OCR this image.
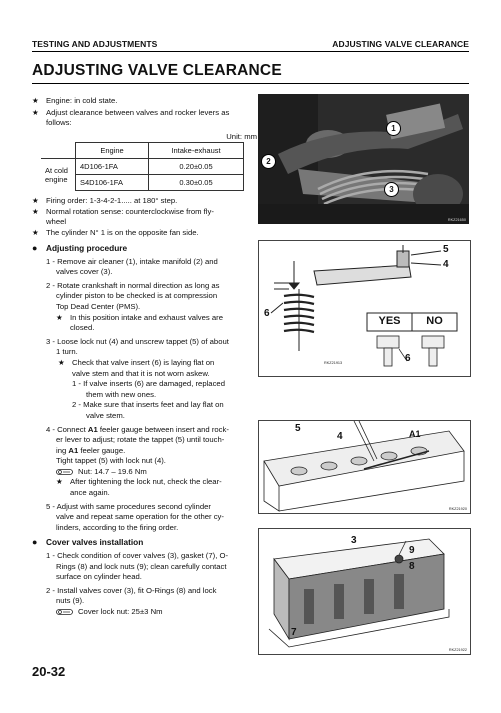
TESTING AND ADJUSTMENTS	ADJUSTING VALVE CLEARANCE
ADJUSTING VALVE CLEARANCE
★ Engine: in cold state.
★ Adjust clearance between valves and rocker levers as
follows:
Unit: mm
	Engine	Intake-exhaust

At cold
engine	4D106-1FA	0.20±0.05
	S4D106-1FA	0.30±0.05
★ Firing order: 1-3-4-2-1..... at 180° step.
★ Normal rotation sense: counterclockwise from fly-
wheel
★ The cylinder N° 1 is on the opposite fan side.
● Adjusting procedure
1 - Remove air cleaner (1), intake manifold (2) and
valves cover (3).
2 - Rotate crankshaft in normal direction as long as
cylinder piston to be checked is at compression
Top Dead Center (PMS).
★ In this position intake and exhaust valves are
closed.
3 - Loose lock nut (4) and unscrew tappet (5) of about
1 turn.
★ Check that valve insert (6) is laying flat on
valve stem and that it is not worn askew.
1 - If valve inserts (6) are damaged, replaced
them with new ones.
2 - Make sure that inserts feet and lay flat on
valve stem.
4 - Connect A1 feeler gauge between insert and rock-
er lever to adjust; rotate the tappet (5) until touch-
ing A1 feeler gauge.
Tight tappet (5) with lock nut (4).
Nut: 14.7 – 19.6 Nm
★ After tightening the lock nut, check the clear-
ance again.
5 - Adjust with same procedures second cylinder
valve and repeat same operation for the other cy-
linders, according to the firing order.
● Cover valves installation
1 - Check condition of cover valves (3), gasket (7), O-
Rings (8) and lock nuts (9); clean carefully contact
surface on cylinder head.
2 - Install valves cover (3), fit O-Rings (8) and lock
nuts (9).
Cover lock nut: 25±3 Nm
1
2
3
RKZ21650
5
4
6
6
YES	NO
RKZ21913
5
4	A1
RKZ21920
3
9
8
7
RKZ21922
20-32
